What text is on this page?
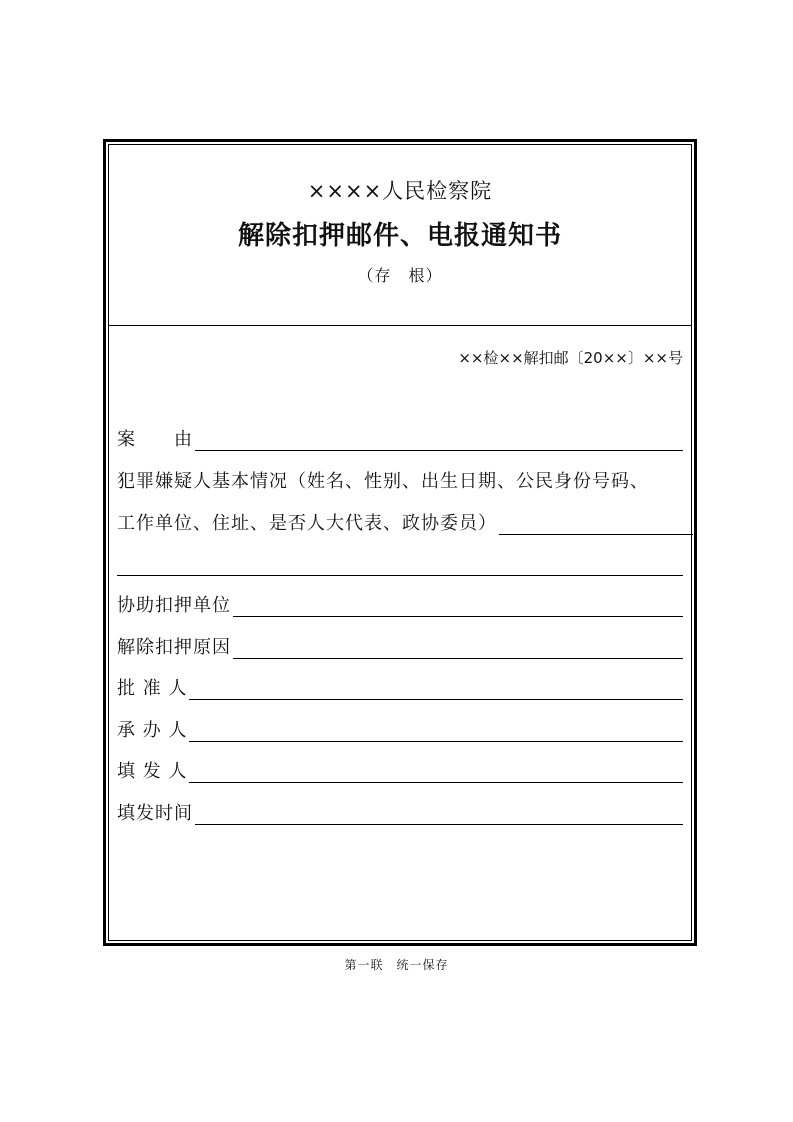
××××人民检察院
解除扣押邮件、电报通知书
（存　根）
××检××解扣邮〔20××〕××号
案　　由
犯罪嫌疑人基本情况（姓名、性别、出生日期、公民身份号码、
工作单位、住址、是否人大代表、政协委员）
协助扣押单位
解除扣押原因
批 准 人
承 办 人
填 发 人
填发时间
第一联　统一保存
